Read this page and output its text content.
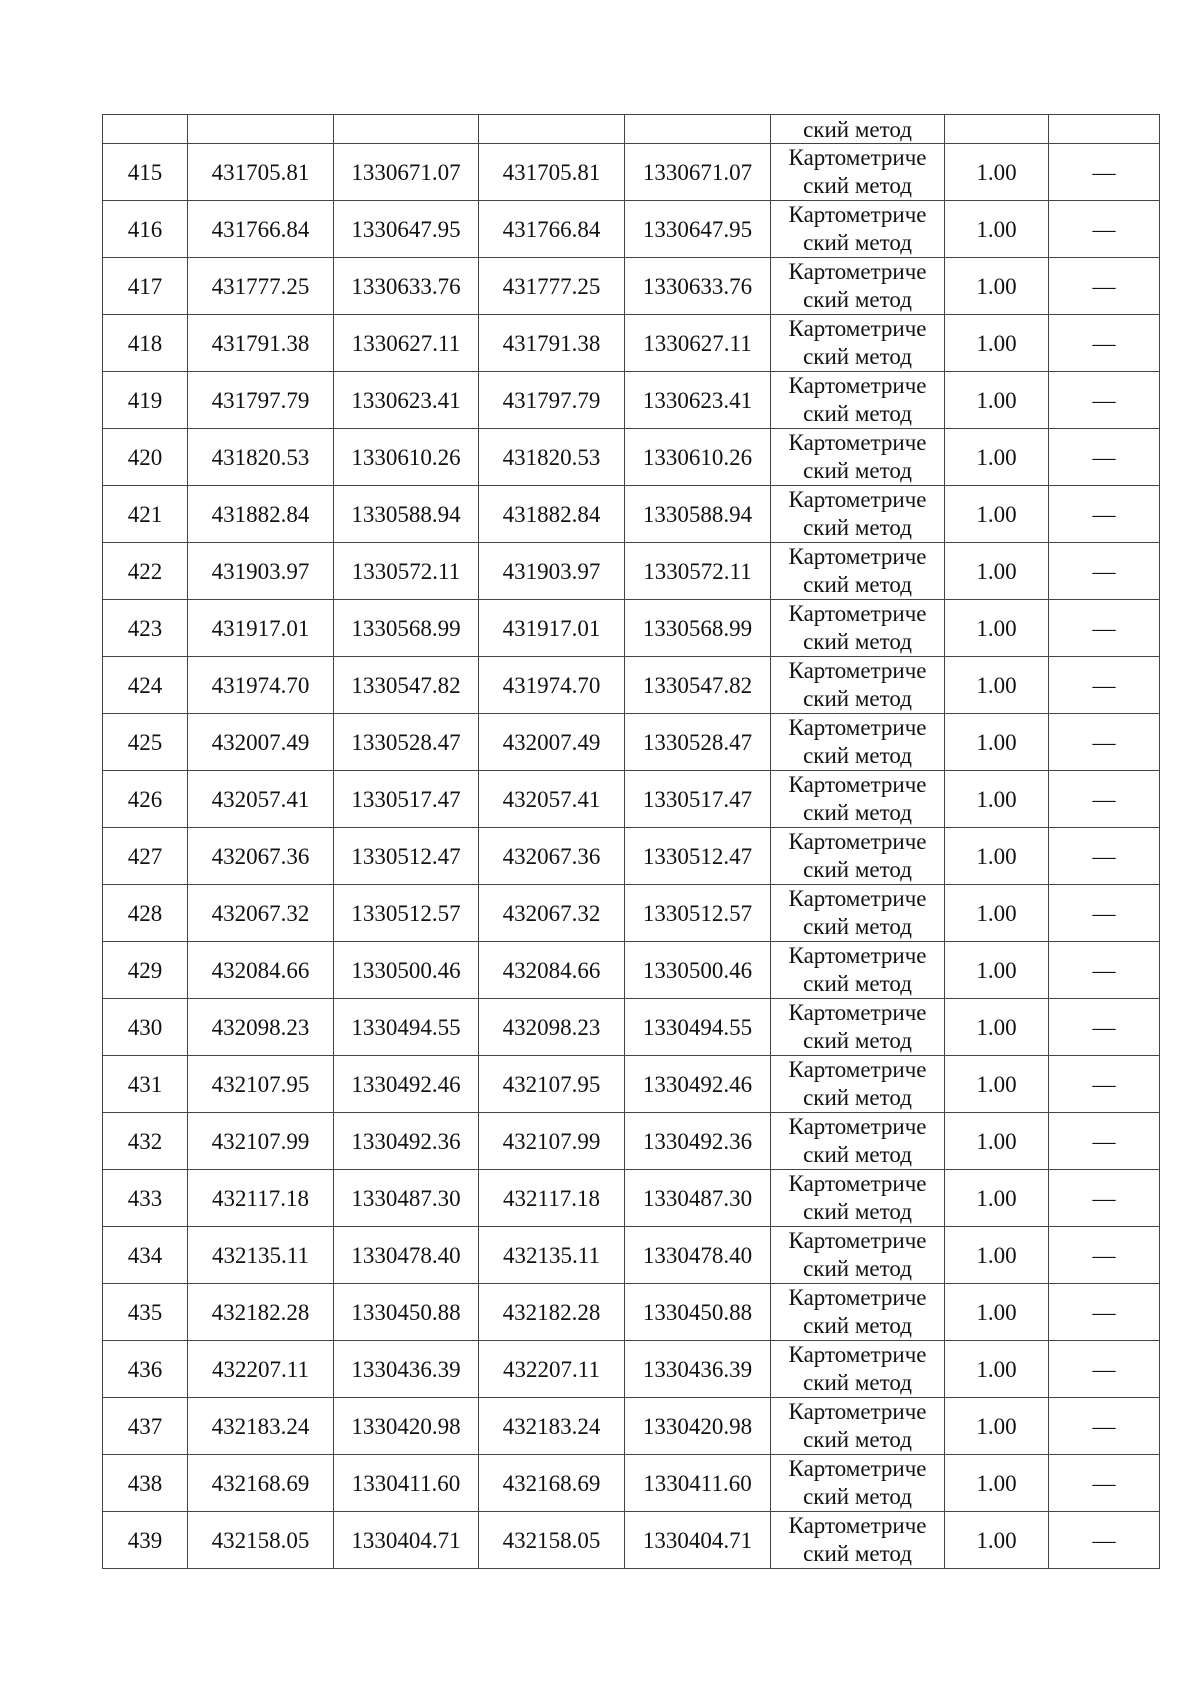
					ский метод		
415	431705.81	1330671.07	431705.81	1330671.07	Картометрический метод	1.00	—
416	431766.84	1330647.95	431766.84	1330647.95	Картометрический метод	1.00	—
417	431777.25	1330633.76	431777.25	1330633.76	Картометрический метод	1.00	—
418	431791.38	1330627.11	431791.38	1330627.11	Картометрический метод	1.00	—
419	431797.79	1330623.41	431797.79	1330623.41	Картометрический метод	1.00	—
420	431820.53	1330610.26	431820.53	1330610.26	Картометрический метод	1.00	—
421	431882.84	1330588.94	431882.84	1330588.94	Картометрический метод	1.00	—
422	431903.97	1330572.11	431903.97	1330572.11	Картометрический метод	1.00	—
423	431917.01	1330568.99	431917.01	1330568.99	Картометрический метод	1.00	—
424	431974.70	1330547.82	431974.70	1330547.82	Картометрический метод	1.00	—
425	432007.49	1330528.47	432007.49	1330528.47	Картометрический метод	1.00	—
426	432057.41	1330517.47	432057.41	1330517.47	Картометрический метод	1.00	—
427	432067.36	1330512.47	432067.36	1330512.47	Картометрический метод	1.00	—
428	432067.32	1330512.57	432067.32	1330512.57	Картометрический метод	1.00	—
429	432084.66	1330500.46	432084.66	1330500.46	Картометрический метод	1.00	—
430	432098.23	1330494.55	432098.23	1330494.55	Картометрический метод	1.00	—
431	432107.95	1330492.46	432107.95	1330492.46	Картометрический метод	1.00	—
432	432107.99	1330492.36	432107.99	1330492.36	Картометрический метод	1.00	—
433	432117.18	1330487.30	432117.18	1330487.30	Картометрический метод	1.00	—
434	432135.11	1330478.40	432135.11	1330478.40	Картометрический метод	1.00	—
435	432182.28	1330450.88	432182.28	1330450.88	Картометрический метод	1.00	—
436	432207.11	1330436.39	432207.11	1330436.39	Картометрический метод	1.00	—
437	432183.24	1330420.98	432183.24	1330420.98	Картометрический метод	1.00	—
438	432168.69	1330411.60	432168.69	1330411.60	Картометрический метод	1.00	—
439	432158.05	1330404.71	432158.05	1330404.71	Картометрический метод	1.00	—
